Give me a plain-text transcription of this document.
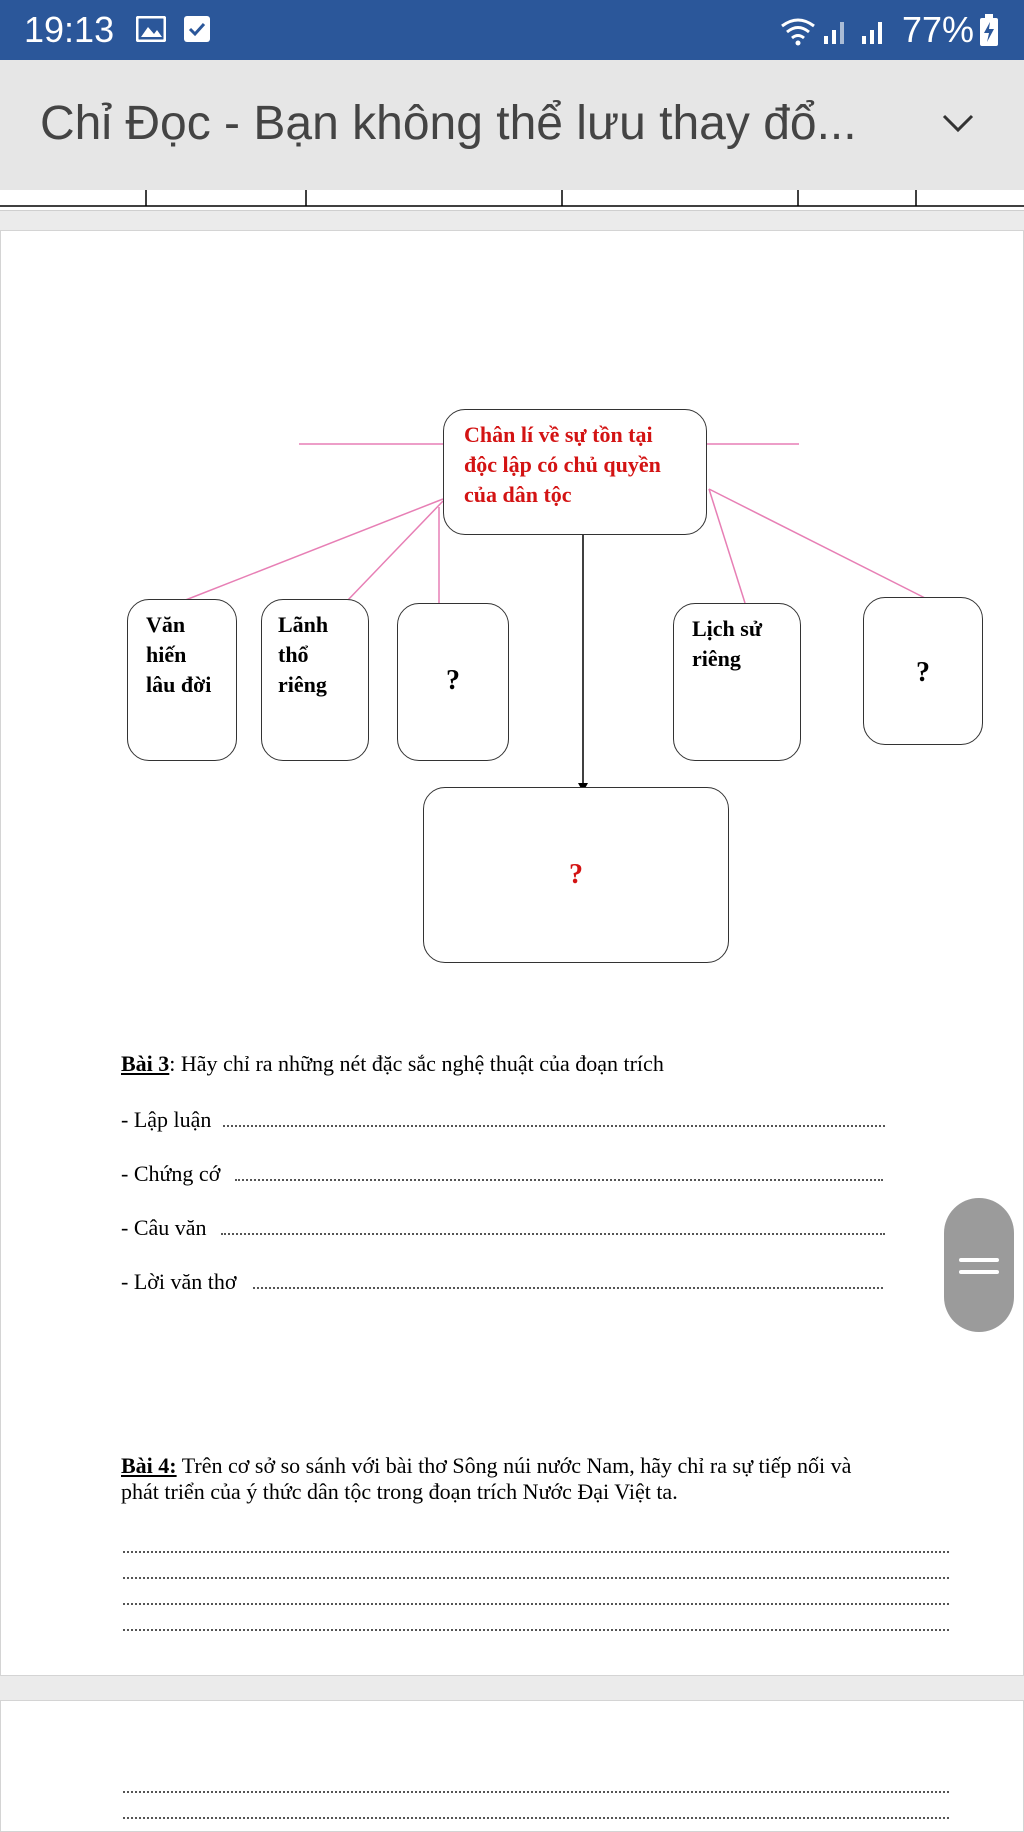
19:13	77%
Chỉ Đọc - Bạn không thể lưu thay đổ...
Chân lí về sự tồn tại
độc lập có chủ quyền
của dân tộc
Văn
hiến
lâu đời
Lãnh
thổ
riêng	?
Lịch sử
riêng	?
?
Bài 3: Hãy chỉ ra những nét đặc sắc nghệ thuật của đoạn trích
- Lập luận
- Chứng cớ
- Câu văn
- Lời văn thơ
Bài 4: Trên cơ sở so sánh với bài thơ Sông núi nước Nam, hãy chỉ ra sự tiếp nối và
phát triển của ý thức dân tộc trong đoạn trích Nước Đại Việt ta.
